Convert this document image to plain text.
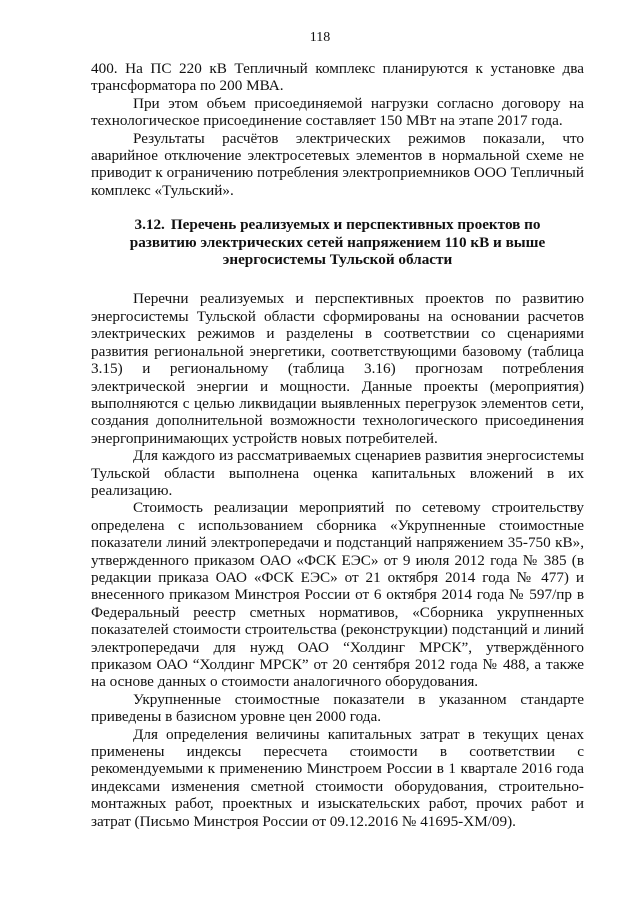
118

400. На ПС 220 кВ Тепличный комплекс планируются к установке два трансформатора по 200 МВА.

При этом объем присоединяемой нагрузки согласно договору на технологическое присоединение составляет 150 МВт на этапе 2017 года.

Результаты расчётов электрических режимов показали, что аварийное отключение электросетевых элементов в нормальной схеме не приводит к ограничению потребления электроприемников ООО Тепличный комплекс «Тульский».

3.12. Перечень реализуемых и перспективных проектов по развитию электрических сетей напряжением 110 кВ и выше энергосистемы Тульской области

Перечни реализуемых и перспективных проектов по развитию энергосистемы Тульской области сформированы на основании расчетов электрических режимов и разделены в соответствии со сценариями развития региональной энергетики, соответствующими базовому (таблица 3.15) и региональному (таблица 3.16) прогнозам потребления электрической энергии и мощности. Данные проекты (мероприятия) выполняются с целью ликвидации выявленных перегрузок элементов сети, создания дополнительной возможности технологического присоединения энергопринимающих устройств новых потребителей.

Для каждого из рассматриваемых сценариев развития энергосистемы Тульской области выполнена оценка капитальных вложений в их реализацию.

Стоимость реализации мероприятий по сетевому строительству определена с использованием сборника «Укрупненные стоимостные показатели линий электропередачи и подстанций напряжением 35-750 кВ», утвержденного приказом ОАО «ФСК ЕЭС» от 9 июля 2012 года № 385 (в редакции приказа ОАО «ФСК ЕЭС» от 21 октября 2014 года № 477) и внесенного приказом Минстроя России от 6 октября 2014 года № 597/пр в Федеральный реестр сметных нормативов, «Сборника укрупненных показателей стоимости строительства (реконструкции) подстанций и линий электропередачи для нужд ОАО “Холдинг МРСК”, утверждённого приказом ОАО “Холдинг МРСК” от 20 сентября 2012 года № 488, а также на основе данных о стоимости аналогичного оборудования.

Укрупненные стоимостные показатели в указанном стандарте приведены в базисном уровне цен 2000 года.

Для определения величины капитальных затрат в текущих ценах применены индексы пересчета стоимости в соответствии с рекомендуемыми к применению Минстроем России в 1 квартале 2016 года индексами изменения сметной стоимости оборудования, строительно-монтажных работ, проектных и изыскательских работ, прочих работ и затрат (Письмо Минстроя России от 09.12.2016 № 41695-ХМ/09).
